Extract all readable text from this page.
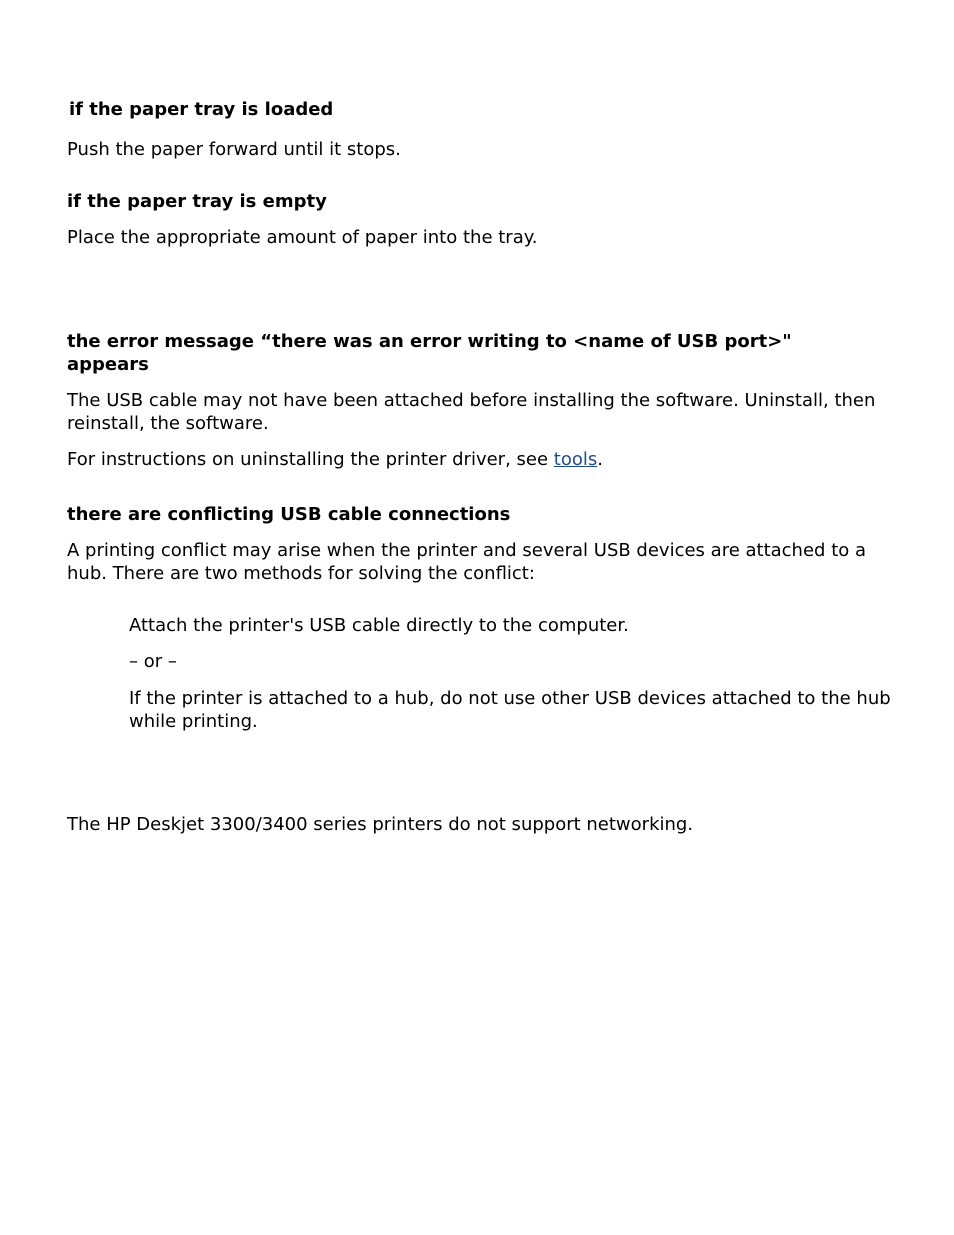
if the paper tray is loaded
Push the paper forward until it stops.
if the paper tray is empty
Place the appropriate amount of paper into the tray.
the error message “there was an error writing to <name of USB port>" appears
The USB cable may not have been attached before installing the software. Uninstall, then reinstall, the software.
For instructions on uninstalling the printer driver, see tools.
there are conflicting USB cable connections
A printing conflict may arise when the printer and several USB devices are attached to a hub. There are two methods for solving the conflict:
Attach the printer's USB cable directly to the computer.
– or –
If the printer is attached to a hub, do not use other USB devices attached to the hub while printing.
The HP Deskjet 3300/3400 series printers do not support networking.
